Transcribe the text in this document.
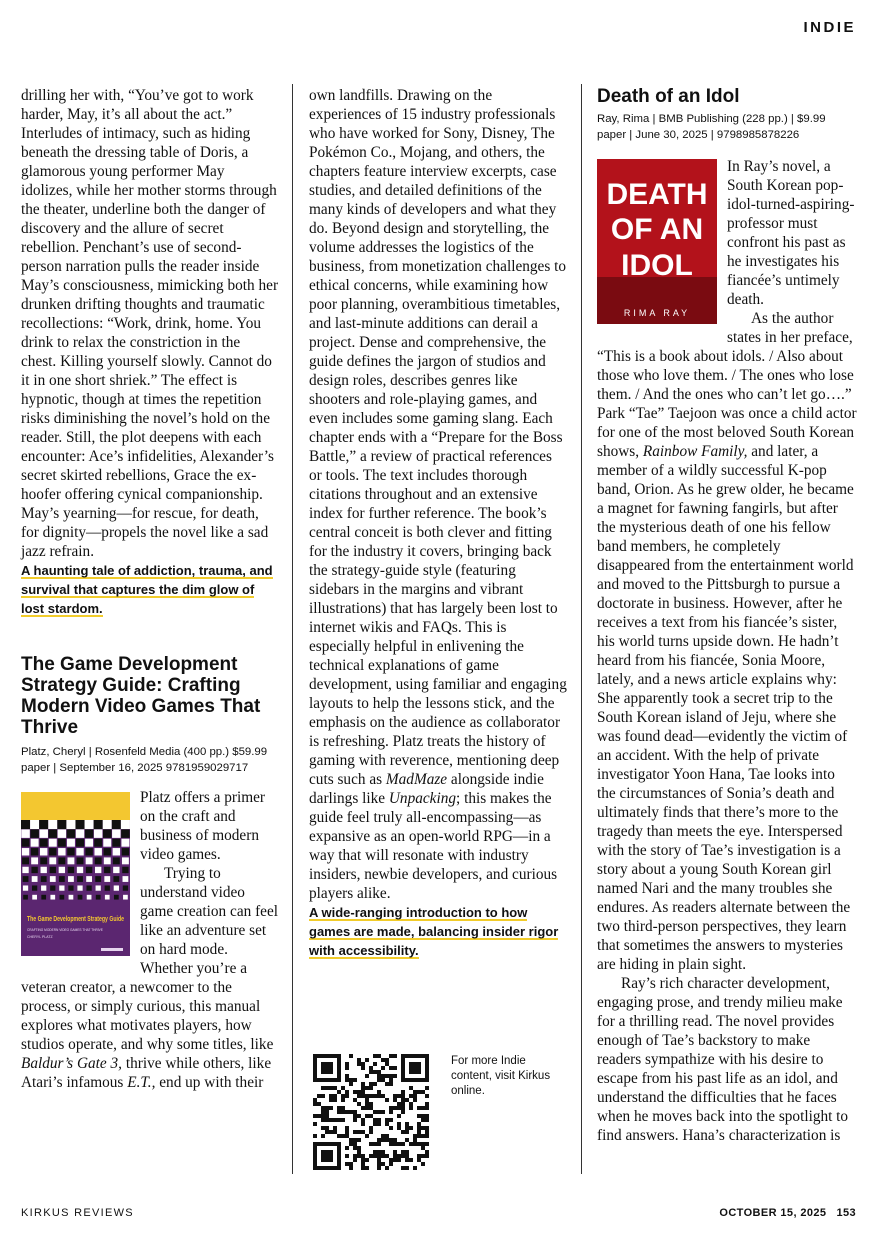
INDIE

drilling her with, “You’ve got to work harder, May, it’s all about the act.” Interludes of intimacy, such as hiding beneath the dressing table of Doris, a glamorous young performer May idolizes, while her mother storms through the theater, underline both the danger of discovery and the allure of secret rebellion. Penchant’s use of second-person narration pulls the reader inside May’s consciousness, mimicking both her drunken drifting thoughts and traumatic recollections: “Work, drink, home. You drink to relax the constriction in the chest. Killing yourself slowly. Cannot do it in one short shriek.” The effect is hypnotic, though at times the repetition risks diminishing the novel’s hold on the reader. Still, the plot deepens with each encounter: Ace’s infidelities, Alexander’s secret skirted rebellions, Grace the ex-hoofer offering cynical companionship. May’s yearning—for rescue, for death, for dignity—propels the novel like a sad jazz refrain.

A haunting tale of addiction, trauma, and survival that captures the dim glow of lost stardom.

The Game Development Strategy Guide: Crafting Modern Video Games That Thrive

Platz, Cheryl | Rosenfeld Media (400 pp.) $59.99 paper | September 16, 2025 9781959029717

The Game Development Strategy Guide
CRAFTING MODERN VIDEO GAMES THAT THRIVE
CHERYL PLATZ

Platz offers a primer on the craft and business of modern video games.

Trying to understand video game creation can feel like an adventure set on hard mode. Whether you’re a veteran creator, a newcomer to the process, or simply curious, this manual explores what motivates players, how studios operate, and why some titles, like Baldur’s Gate 3, thrive while others, like Atari’s infamous E.T., end up with their

own landfills. Drawing on the experiences of 15 industry professionals who have worked for Sony, Disney, The Pokémon Co., Mojang, and others, the chapters feature interview excerpts, case studies, and detailed definitions of the many kinds of developers and what they do. Beyond design and storytelling, the volume addresses the logistics of the business, from monetization challenges to ethical concerns, while examining how poor planning, overambitious timetables, and last-minute additions can derail a project. Dense and comprehensive, the guide defines the jargon of studios and design roles, describes genres like shooters and role-playing games, and even includes some gaming slang. Each chapter ends with a “Prepare for the Boss Battle,” a review of practical references or tools. The text includes thorough citations throughout and an extensive index for further reference. The book’s central conceit is both clever and fitting for the industry it covers, bringing back the strategy-guide style (featuring sidebars in the margins and vibrant illustrations) that has largely been lost to internet wikis and FAQs. This is especially helpful in enlivening the technical explanations of game development, using familiar and engaging layouts to help the lessons stick, and the emphasis on the audience as collaborator is refreshing. Platz treats the history of gaming with reverence, mentioning deep cuts such as MadMaze alongside indie darlings like Unpacking; this makes the guide feel truly all-encompassing—as expansive as an open-world RPG—in a way that will resonate with industry insiders, newbie developers, and curious players alike.

A wide-ranging introduction to how games are made, balancing insider rigor with accessibility.

For more Indie content, visit Kirkus online.
Death of an Idol

Ray, Rima | BMB Publishing (228 pp.) | $9.99 paper | June 30, 2025 | 9798985878226

DEATH
OF AN
IDOL
RIMA RAY

In Ray’s novel, a South Korean pop-idol-turned-aspiring-professor must confront his past as he investigates his fiancée’s untimely death.

As the author states in her preface, “This is a book about idols. / Also about those who love them. / The ones who lose them. / And the ones who can’t let go….” Park “Tae” Taejoon was once a child actor for one of the most beloved South Korean shows, Rainbow Family, and later, a member of a wildly successful K-pop band, Orion. As he grew older, he became a magnet for fawning fangirls, but after the mysterious death of one his fellow band members, he completely disappeared from the entertainment world and moved to the Pittsburgh to pursue a doctorate in business. However, after he receives a text from his fiancée’s sister, his world turns upside down. He hadn’t heard from his fiancée, Sonia Moore, lately, and a news article explains why: She apparently took a secret trip to the South Korean island of Jeju, where she was found dead—evidently the victim of an accident. With the help of private investigator Yoon Hana, Tae looks into the circumstances of Sonia’s death and ultimately finds that there’s more to the tragedy than meets the eye. Interspersed with the story of Tae’s investigation is a story about a young South Korean girl named Nari and the many troubles she endures. As readers alternate between the two third-person perspectives, they learn that sometimes the answers to mysteries are hiding in plain sight.

Ray’s rich character development, engaging prose, and trendy milieu make for a thrilling read. The novel provides enough of Tae’s backstory to make readers sympathize with his desire to escape from his past life as an idol, and understand the difficulties that he faces when he moves back into the spotlight to find answers. Hana’s characterization is

KIRKUS REVIEWS	OCTOBER 15, 2025 153
